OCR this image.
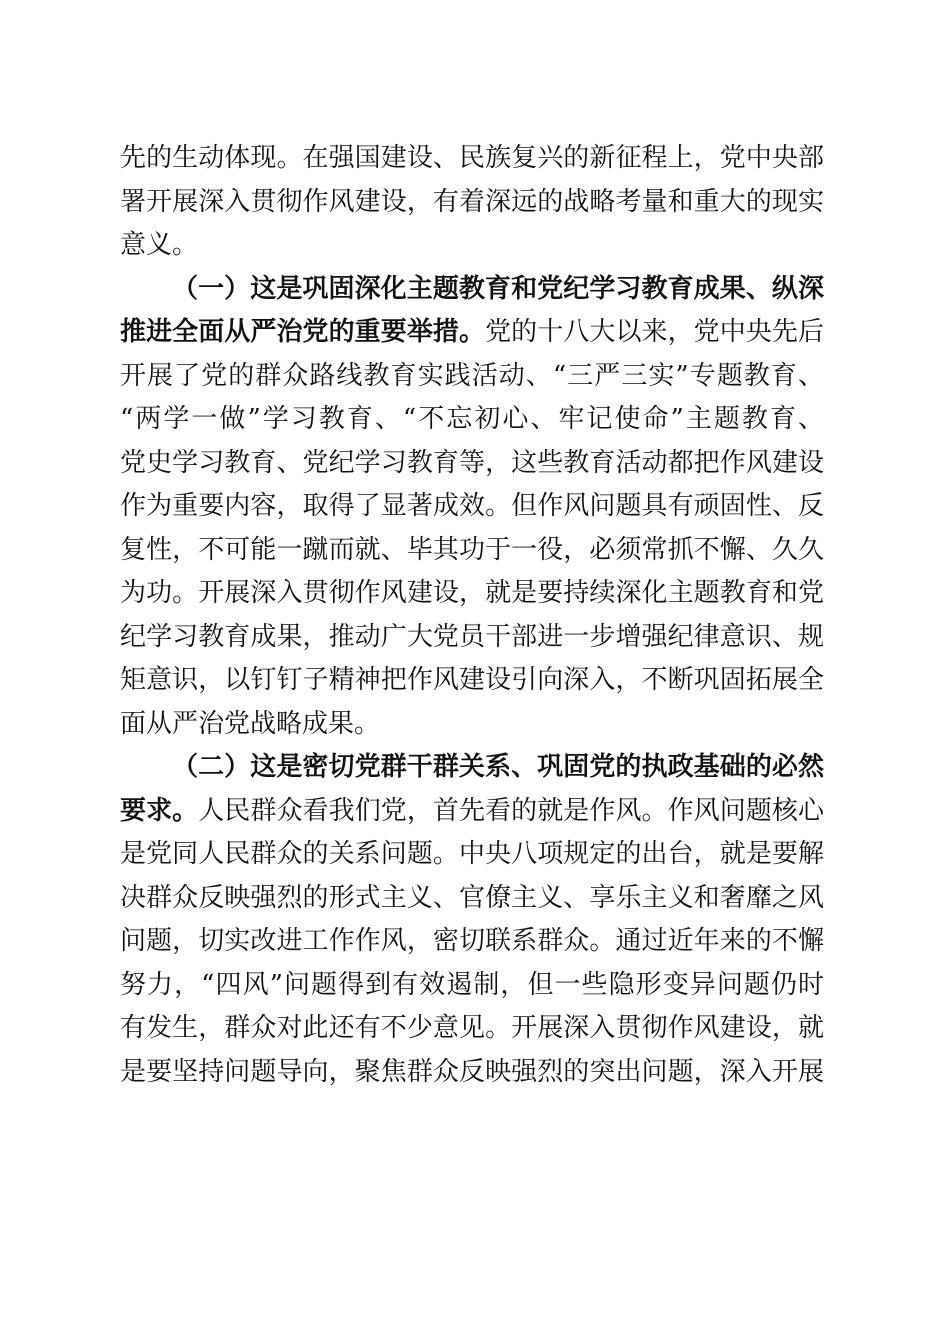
先的生动体现。在强国建设、民族复兴的新征程上，党中央部
署开展深入贯彻作风建设，有着深远的战略考量和重大的现实
意义。
（一）这是巩固深化主题教育和党纪学习教育成果、纵深
推进全面从严治党的重要举措。党的十八大以来，党中央先后
开展了党的群众路线教育实践活动、“三严三实”专题教育、
“两学一做”学习教育、“不忘初心、牢记使命”主题教育、
党史学习教育、党纪学习教育等，这些教育活动都把作风建设
作为重要内容，取得了显著成效。但作风问题具有顽固性、反
复性，不可能一蹴而就、毕其功于一役，必须常抓不懈、久久
为功。开展深入贯彻作风建设，就是要持续深化主题教育和党
纪学习教育成果，推动广大党员干部进一步增强纪律意识、规
矩意识，以钉钉子精神把作风建设引向深入，不断巩固拓展全
面从严治党战略成果。
（二）这是密切党群干群关系、巩固党的执政基础的必然
要求。人民群众看我们党，首先看的就是作风。作风问题核心
是党同人民群众的关系问题。中央八项规定的出台，就是要解
决群众反映强烈的形式主义、官僚主义、享乐主义和奢靡之风
问题，切实改进工作作风，密切联系群众。通过近年来的不懈
努力，“四风”问题得到有效遏制，但一些隐形变异问题仍时
有发生，群众对此还有不少意见。开展深入贯彻作风建设，就
是要坚持问题导向，聚焦群众反映强烈的突出问题，深入开展
